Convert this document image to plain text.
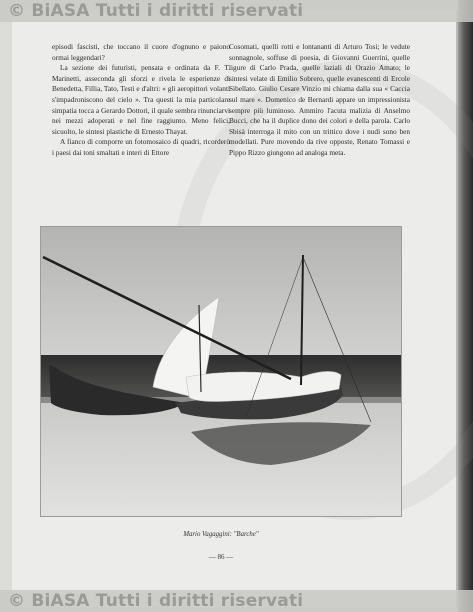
© BiASA Tutti i diritti riservati

episodi fascisti, che toccano il cuore d'ognuno e paiono ormai leggendari?

La sezione dei futuristi, pensata e ordinata da F. T. Marinetti, asseconda gli sforzi e rivela le esperienze di Benedetta, Fillia, Tato, Testi e d'altri: « gli aeropittori volanti s'impadroniscono del cielo ». Tra questi la mia particolare simpatia tocca a Gerardo Dottori, il quale sembra rinunciarvi nei mezzi adoperati e nel fine raggiunto. Meno felici, sicuolto, le sintesi plastiche di Ernesto Thayat.

A fianco di comporre un fotomosaico di quadri, ricorderò i paesi dai toni smaltati e interi di Ettore

Cosomati, quelli rotti e lontananti di Arturo Tosi; le vedute sonnagnole, soffuse di poesia, di Giovanni Guerrini, quelle ligure di Carlo Prada, quelle laziali di Orazio Amato; le sintesi velate di Emilio Sobrero, quelle evanescenti di Ercole Sibellato. Giulio Cesare Vinzio mi chiama dalla sua « Caccia sul mare ». Domenico de Bernardi appare un impressionista sempre più luminoso. Ammiro l'acuta malizia di Anselmo Bucci, che ha il duplice dono dei colori e della parola. Carlo Sbisà interroga il mito con un trittico dove i nudi sono ben modellati. Pure movendo da rive opposte, Renato Tomassi e Pippo Rizzo giungono ad analoga meta.

Mario Vagaggini: "Barche"
— 86 —
© BiASA Tutti i diritti riservati
